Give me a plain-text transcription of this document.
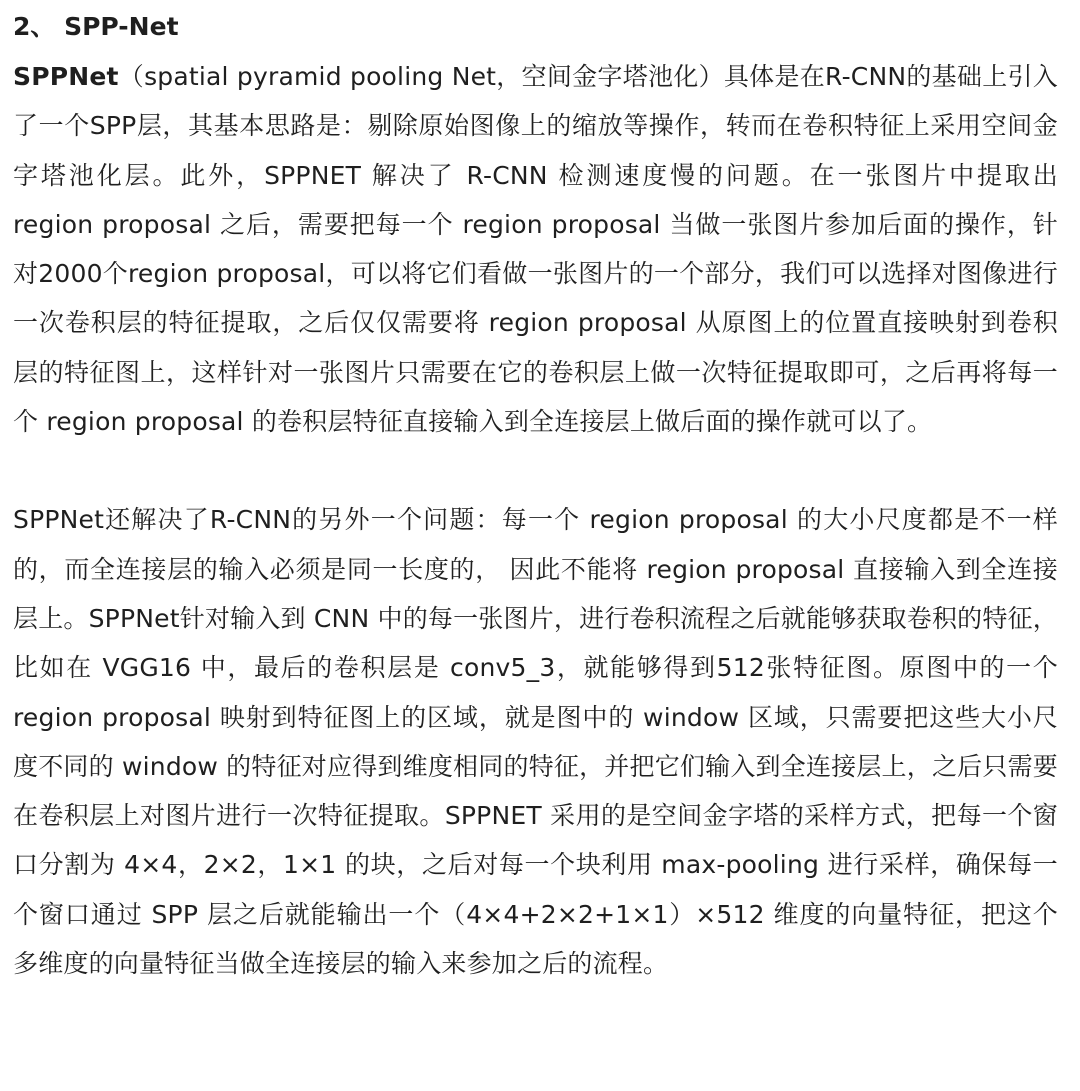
2、 SPP-Net

SPPNet（spatial pyramid pooling Net，空间金字塔池化）具体是在R-CNN的基础上引入了一个SPP层，其基本思路是：剔除原始图像上的缩放等操作，转而在卷积特征上采用空间金字塔池化层。此外，SPPNET 解决了 R-CNN 检测速度慢的问题。在一张图片中提取出 region proposal 之后，需要把每一个 region proposal 当做一张图片参加后面的操作，针对2000个region proposal，可以将它们看做一张图片的一个部分，我们可以选择对图像进行一次卷积层的特征提取，之后仅仅需要将 region proposal 从原图上的位置直接映射到卷积层的特征图上，这样针对一张图片只需要在它的卷积层上做一次特征提取即可，之后再将每一个 region proposal 的卷积层特征直接输入到全连接层上做后面的操作就可以了。

SPPNet还解决了R-CNN的另外一个问题：每一个 region proposal 的大小尺度都是不一样的，而全连接层的输入必须是同一长度的， 因此不能将 region proposal 直接输入到全连接层上。SPPNet针对输入到 CNN 中的每一张图片，进行卷积流程之后就能够获取卷积的特征，比如在 VGG16 中，最后的卷积层是 conv5_3，就能够得到512张特征图。原图中的一个 region proposal 映射到特征图上的区域，就是图中的 window 区域，只需要把这些大小尺度不同的 window 的特征对应得到维度相同的特征，并把它们输入到全连接层上，之后只需要在卷积层上对图片进行一次特征提取。SPPNET 采用的是空间金字塔的采样方式，把每一个窗口分割为 4×4，2×2，1×1 的块，之后对每一个块利用 max-pooling 进行采样，确保每一个窗口通过 SPP 层之后就能输出一个（4×4+2×2+1×1）×512 维度的向量特征，把这个多维度的向量特征当做全连接层的输入来参加之后的流程。
